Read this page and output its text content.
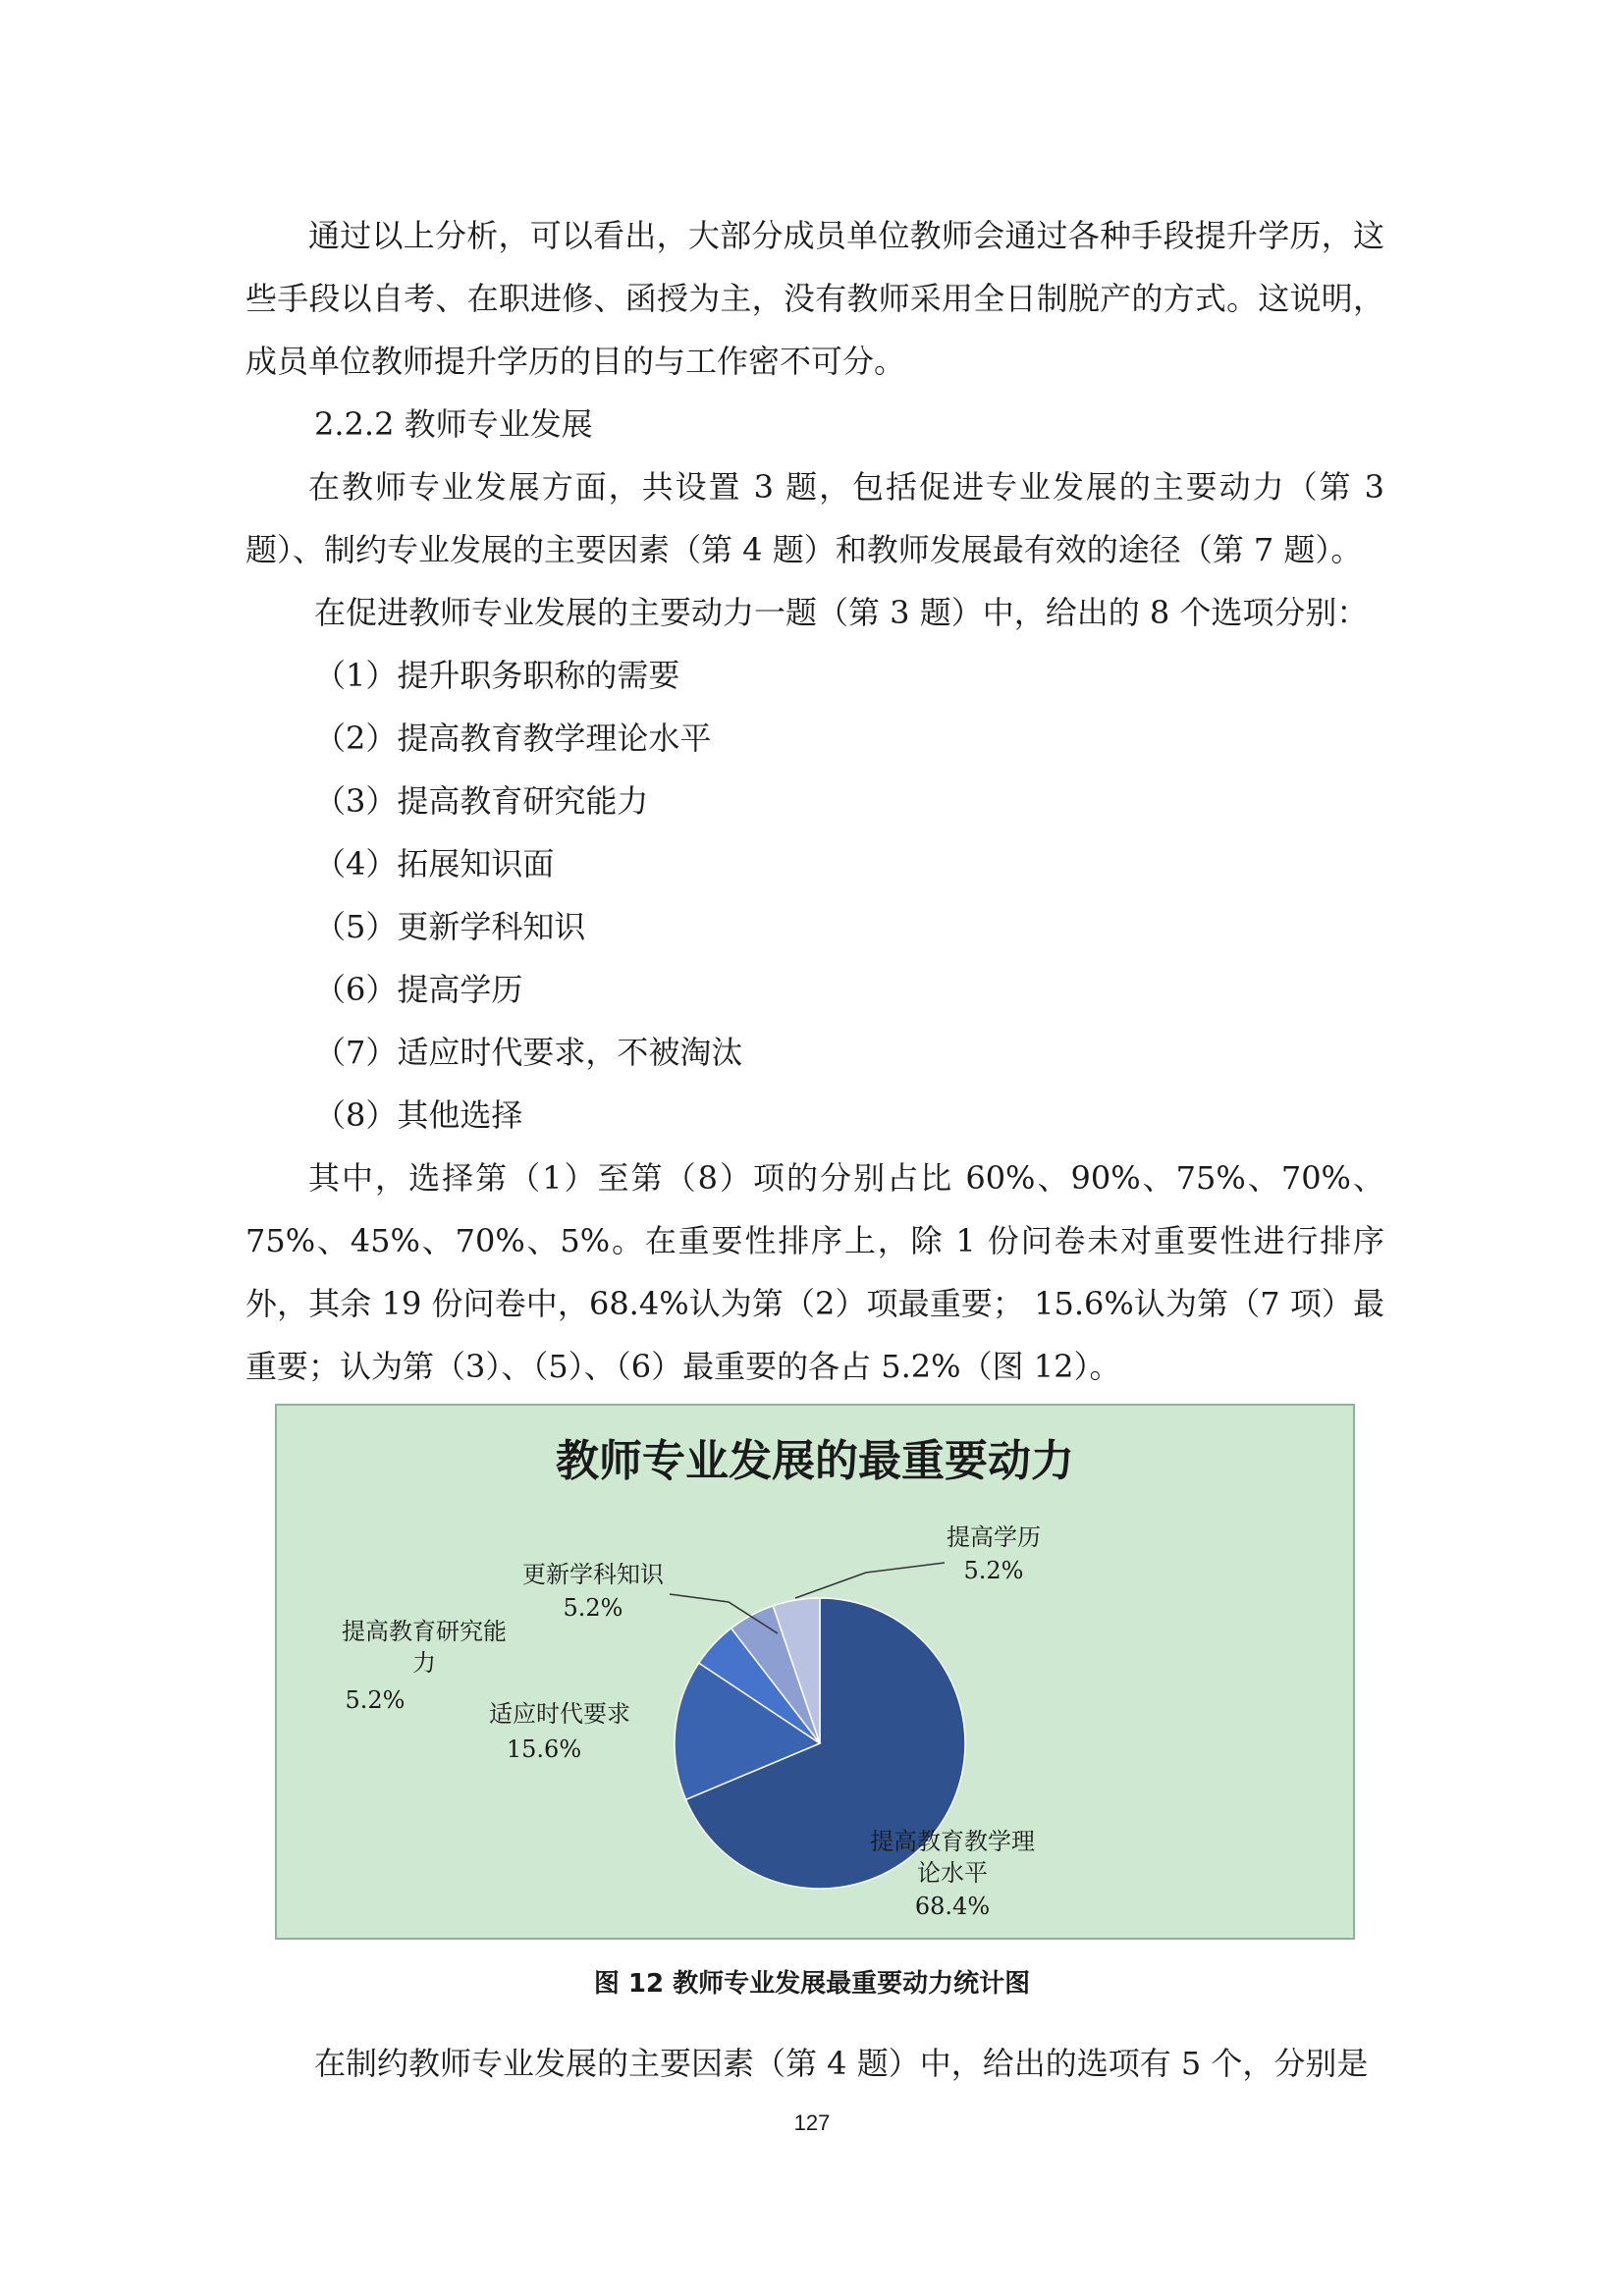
通过以上分析，可以看出，大部分成员单位教师会通过各种手段提升学历，这些手段以自考、在职进修、函授为主，没有教师采用全日制脱产的方式。这说明，成员单位教师提升学历的目的与工作密不可分。

2.2.2 教师专业发展

在教师专业发展方面，共设置 3 题，包括促进专业发展的主要动力（第 3 题）、制约专业发展的主要因素（第 4 题）和教师发展最有效的途径（第 7 题）。

在促进教师专业发展的主要动力一题（第 3 题）中，给出的 8 个选项分别：

（1）提升职务职称的需要

（2）提高教育教学理论水平

（3）提高教育研究能力

（4）拓展知识面

（5）更新学科知识

（6）提高学历

（7）适应时代要求，不被淘汰

（8）其他选择

其中，选择第（1）至第（8）项的分别占比 60%、90%、75%、70%、75%、45%、70%、5%。在重要性排序上，除 1 份问卷未对重要性进行排序外，其余 19 份问卷中，68.4%认为第（2）项最重要； 15.6%认为第（7 项）最重要；认为第（3）、（5）、（6）最重要的各占 5.2%（图 12）。

教师专业发展的最重要动力
提高教育教学理
论水平
68.4%
适应时代要求
15.6%
提高教育研究能
力
5.2%
更新学科知识
5.2%
提高学历
5.2%
图 12 教师专业发展最重要动力统计图

在制约教师专业发展的主要因素（第 4 题）中，给出的选项有 5 个，分别是

127
